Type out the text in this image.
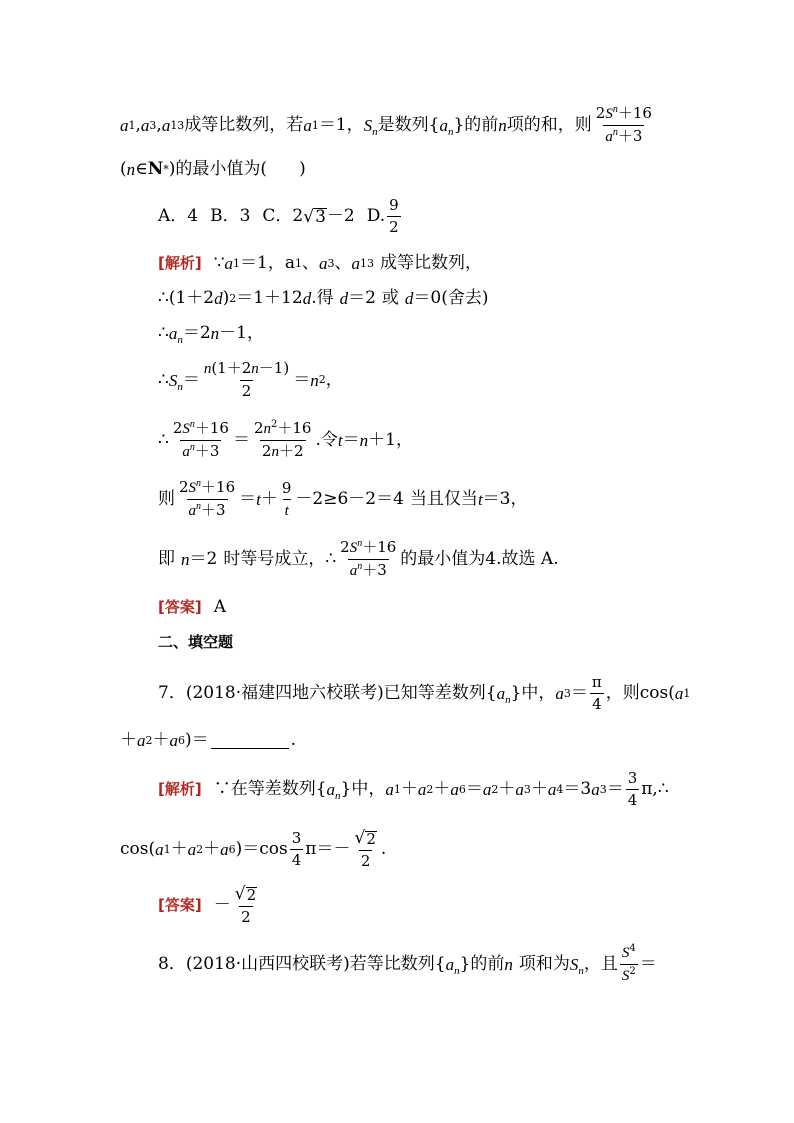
a 1 , a 3 , a 13 成等比数列，若 a 1 ＝1， $S_n$ 是数列 { $a_n$ } 的前 n 项的和，则 $\frac{2S^n+16}{a^n+3}$
( n ∈ N * ) 的最小值为( )
A．4 B．3 C．2 √ 3 －2 D. $\frac{9}{2}$
[解析] ∵ a 1 ＝1 ，a 1 、 a 3 、 a 13 成等比数列，
∴(1＋2 d ) 2 ＝1＋12 d . 得 d ＝2 或 d ＝0 (舍去)
∴ $a_n =2$ n －1，
∴ $S_n = \frac{n(1+2n-1)}{2} = n$ 2 ，
∴ $\frac{2S^n+16}{a^n+3} = \frac{2n^2+16}{2n+2}$ .令 t ＝ n ＋1，
则 $\frac{2S^n+16}{a^n+3} = t + \frac{9}{t} -2\ge 6-2=4$ 当且仅当 t ＝3，
即 n ＝2 时等号成立， ∴ $\frac{2S^n+16}{a^n+3}$ 的最小值为 4.故选 A.
[答案] A
二、填空题
7．(2018·福建四地六校联考)已知等差数列 { $a_n$ } 中， a $3 = \frac{\pi}{4}$ ，则 cos( a 1
＋ a 2 ＋ a 6 )＝	.
[解析] ∵在等差数列 { $a_n$ } 中， a 1 ＋ a 2 ＋ a 6 ＝ a 2 ＋ a 3 ＋ a 4 ＝3 a $3 = \frac{3}{4}$ π,∴
cos( a 1 ＋ a 2 ＋ a 6 )$=\cos \frac{3}{4} \pi=- \frac{√ 2}{2}$ .
[答案] － $\frac{√ 2}{2}$
8．(2018·山西四校联考)若等比数列 { $a_n$ } 的前 n 项和为 $S_n$ ，且 $\frac{S^4}{S^2}$ ＝
